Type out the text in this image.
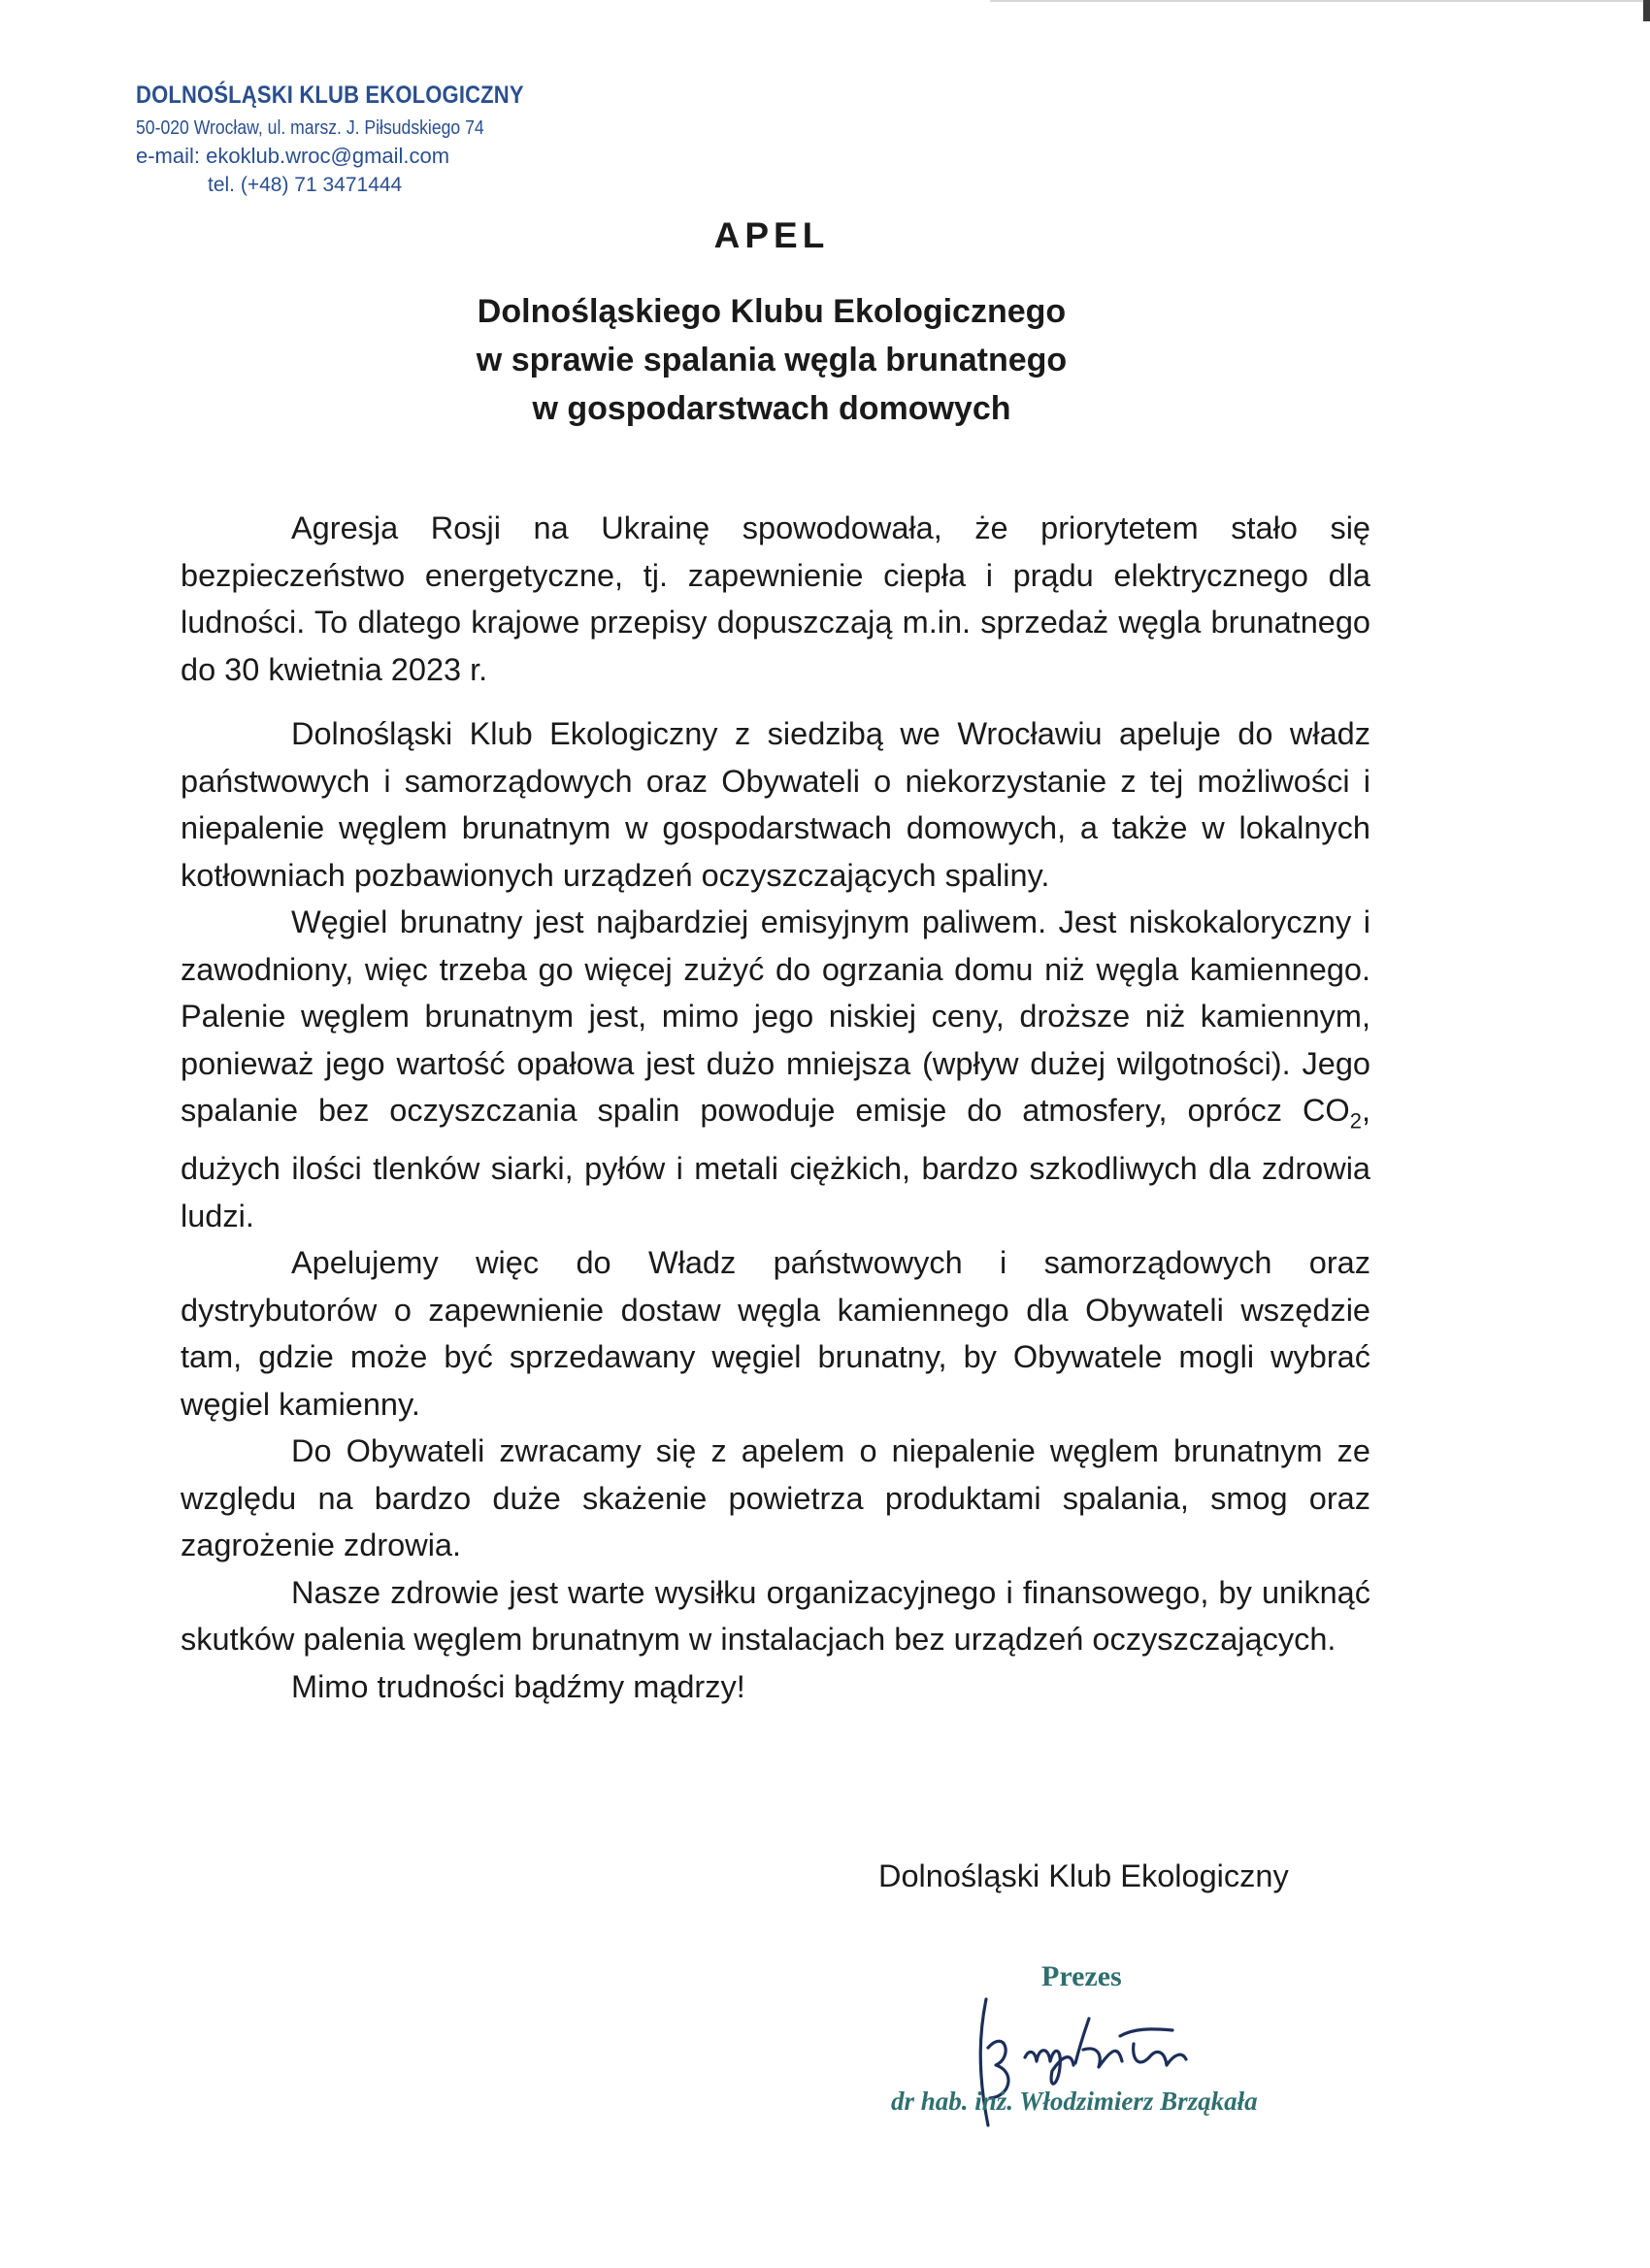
DOLNOŚLĄSKI KLUB EKOLOGICZNY
50-020 Wrocław, ul. marsz. J. Piłsudskiego 74
e-mail: ekoklub.wroc@gmail.com
tel. (+48) 71 3471444
APEL
Dolnośląskiego Klubu Ekologicznego
w sprawie spalania węgla brunatnego
w gospodarstwach domowych

Agresja Rosji na Ukrainę spowodowała, że priorytetem stało się bezpieczeństwo energetyczne, tj. zapewnienie ciepła i prądu elektrycznego dla ludności. To dlatego krajowe przepisy dopuszczają m.in. sprzedaż węgla brunatnego do 30 kwietnia 2023 r.

Dolnośląski Klub Ekologiczny z siedzibą we Wrocławiu apeluje do władz państwowych i samorządowych oraz Obywateli o niekorzystanie z tej możliwości i niepalenie węglem brunatnym w gospodarstwach domowych, a także w lokalnych kotłowniach pozbawionych urządzeń oczyszczających spaliny.

Węgiel brunatny jest najbardziej emisyjnym paliwem. Jest niskokaloryczny i zawodniony, więc trzeba go więcej zużyć do ogrzania domu niż węgla kamiennego. Palenie węglem brunatnym jest, mimo jego niskiej ceny, droższe niż kamiennym, ponieważ jego wartość opałowa jest dużo mniejsza (wpływ dużej wilgotności). Jego spalanie bez oczyszczania spalin powoduje emisje do atmosfery, oprócz $CO_2$, dużych ilości tlenków siarki, pyłów i metali ciężkich, bardzo szkodliwych dla zdrowia ludzi.

Apelujemy więc do Władz państwowych i samorządowych oraz dystrybutorów o zapewnienie dostaw węgla kamiennego dla Obywateli wszędzie tam, gdzie może być sprzedawany węgiel brunatny, by Obywatele mogli wybrać węgiel kamienny.

Do Obywateli zwracamy się z apelem o niepalenie węglem brunatnym ze względu na bardzo duże skażenie powietrza produktami spalania, smog oraz zagrożenie zdrowia.

Nasze zdrowie jest warte wysiłku organizacyjnego i finansowego, by uniknąć skutków palenia węglem brunatnym w instalacjach bez urządzeń oczyszczających.

Mimo trudności bądźmy mądrzy!

Dolnośląski Klub Ekologiczny
Prezes
dr hab. inż. Włodzimierz Brząkała
